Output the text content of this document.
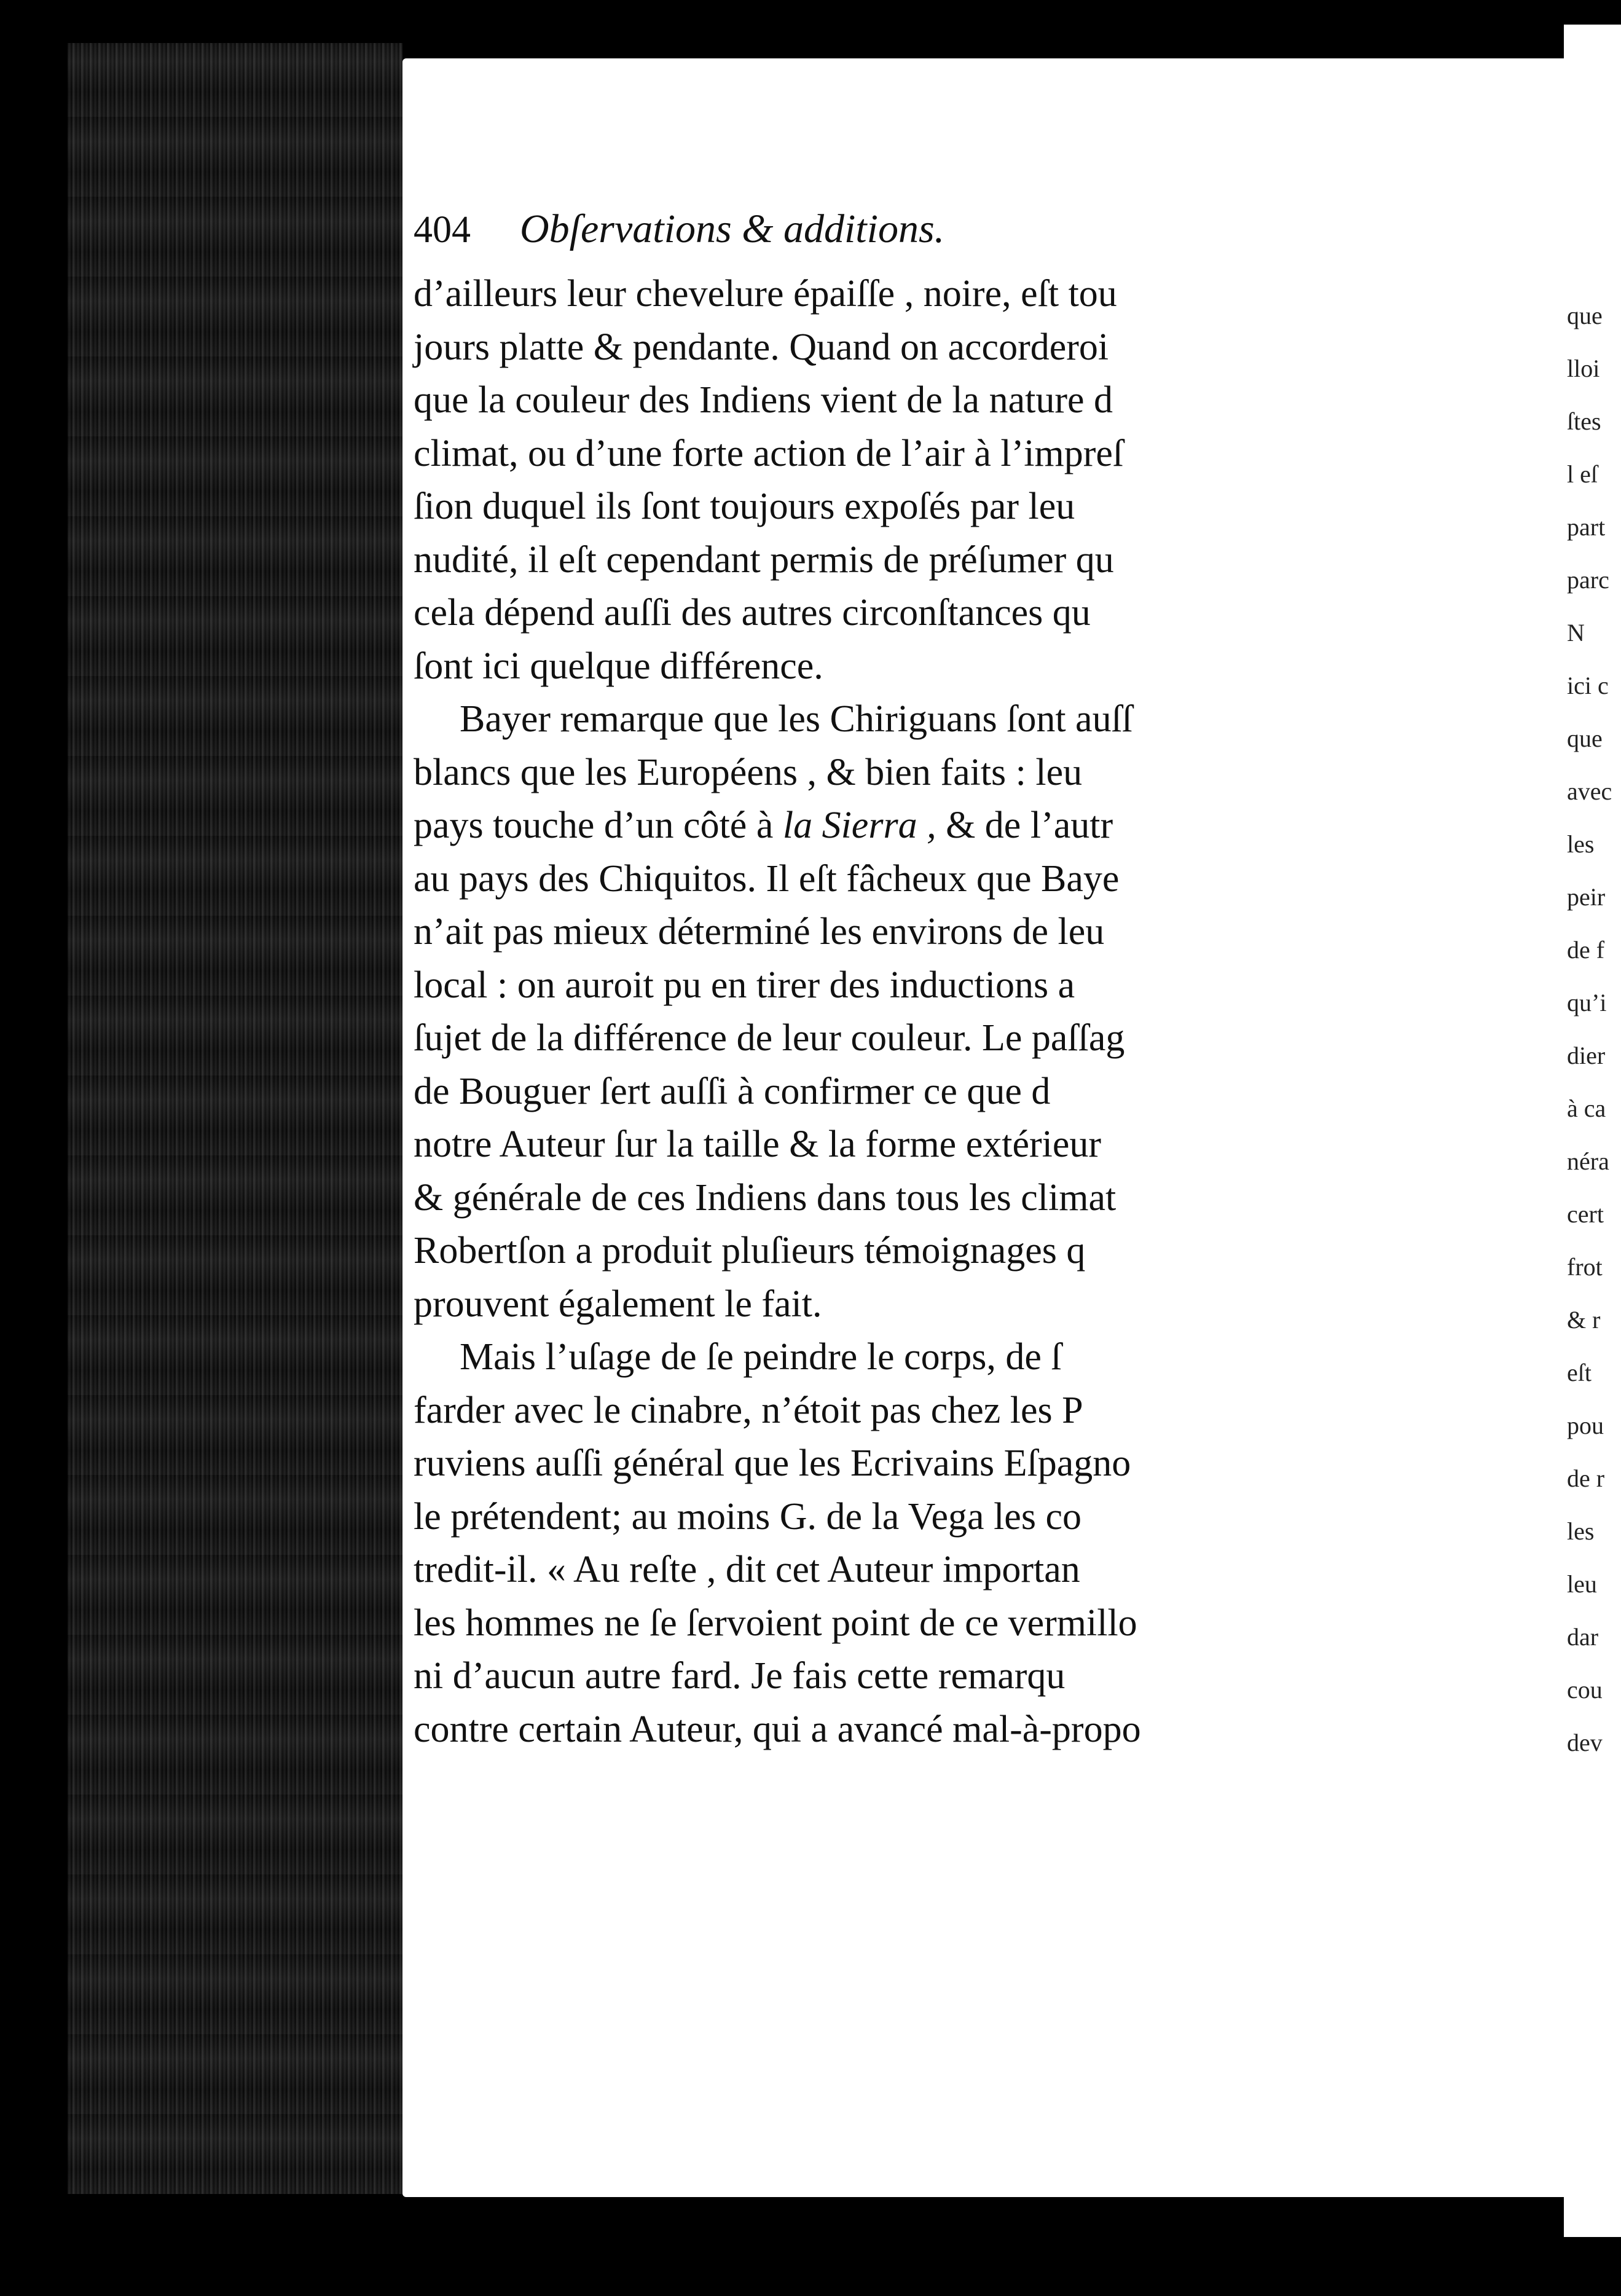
que
lloi
ſtes
l eſ
part
parc
N
ici c
que
avec
les
peir
de f
qu’i
dier
à ca
néra
cert
frot
& r
eſt
pou
de r
les
leu
dar
cou
dev
404 Obſervations & additions.
d’ailleurs leur chevelure épaiſſe , noire, eſt tou
jours platte & pendante. Quand on accorderoi
que la couleur des Indiens vient de la nature d
climat, ou d’une forte action de l’air à l’impreſ
ſion duquel ils ſont toujours expoſés par leu
nudité, il eſt cependant permis de préſumer qu
cela dépend auſſi des autres circonſtances qu
ſont ici quelque différence.
Bayer remarque que les Chiriguans ſont auſſ
blancs que les Européens , & bien faits : leu
pays touche d’un côté à la Sierra , & de l’autr
au pays des Chiquitos. Il eſt fâcheux que Baye
n’ait pas mieux déterminé les environs de leu
local : on auroit pu en tirer des inductions a
ſujet de la différence de leur couleur. Le paſſag
de Bouguer ſert auſſi à confirmer ce que d
notre Auteur ſur la taille & la forme extérieur
& générale de ces Indiens dans tous les climat
Robertſon a produit pluſieurs témoignages q
prouvent également le fait.
Mais l’uſage de ſe peindre le corps, de ſ
farder avec le cinabre, n’étoit pas chez les P
ruviens auſſi général que les Ecrivains Eſpagno
le prétendent; au moins G. de la Vega les co
tredit-il. « Au reſte , dit cet Auteur importan
les hommes ne ſe ſervoient point de ce vermillo
ni d’aucun autre fard. Je fais cette remarqu
contre certain Auteur, qui a avancé mal-à-propo
